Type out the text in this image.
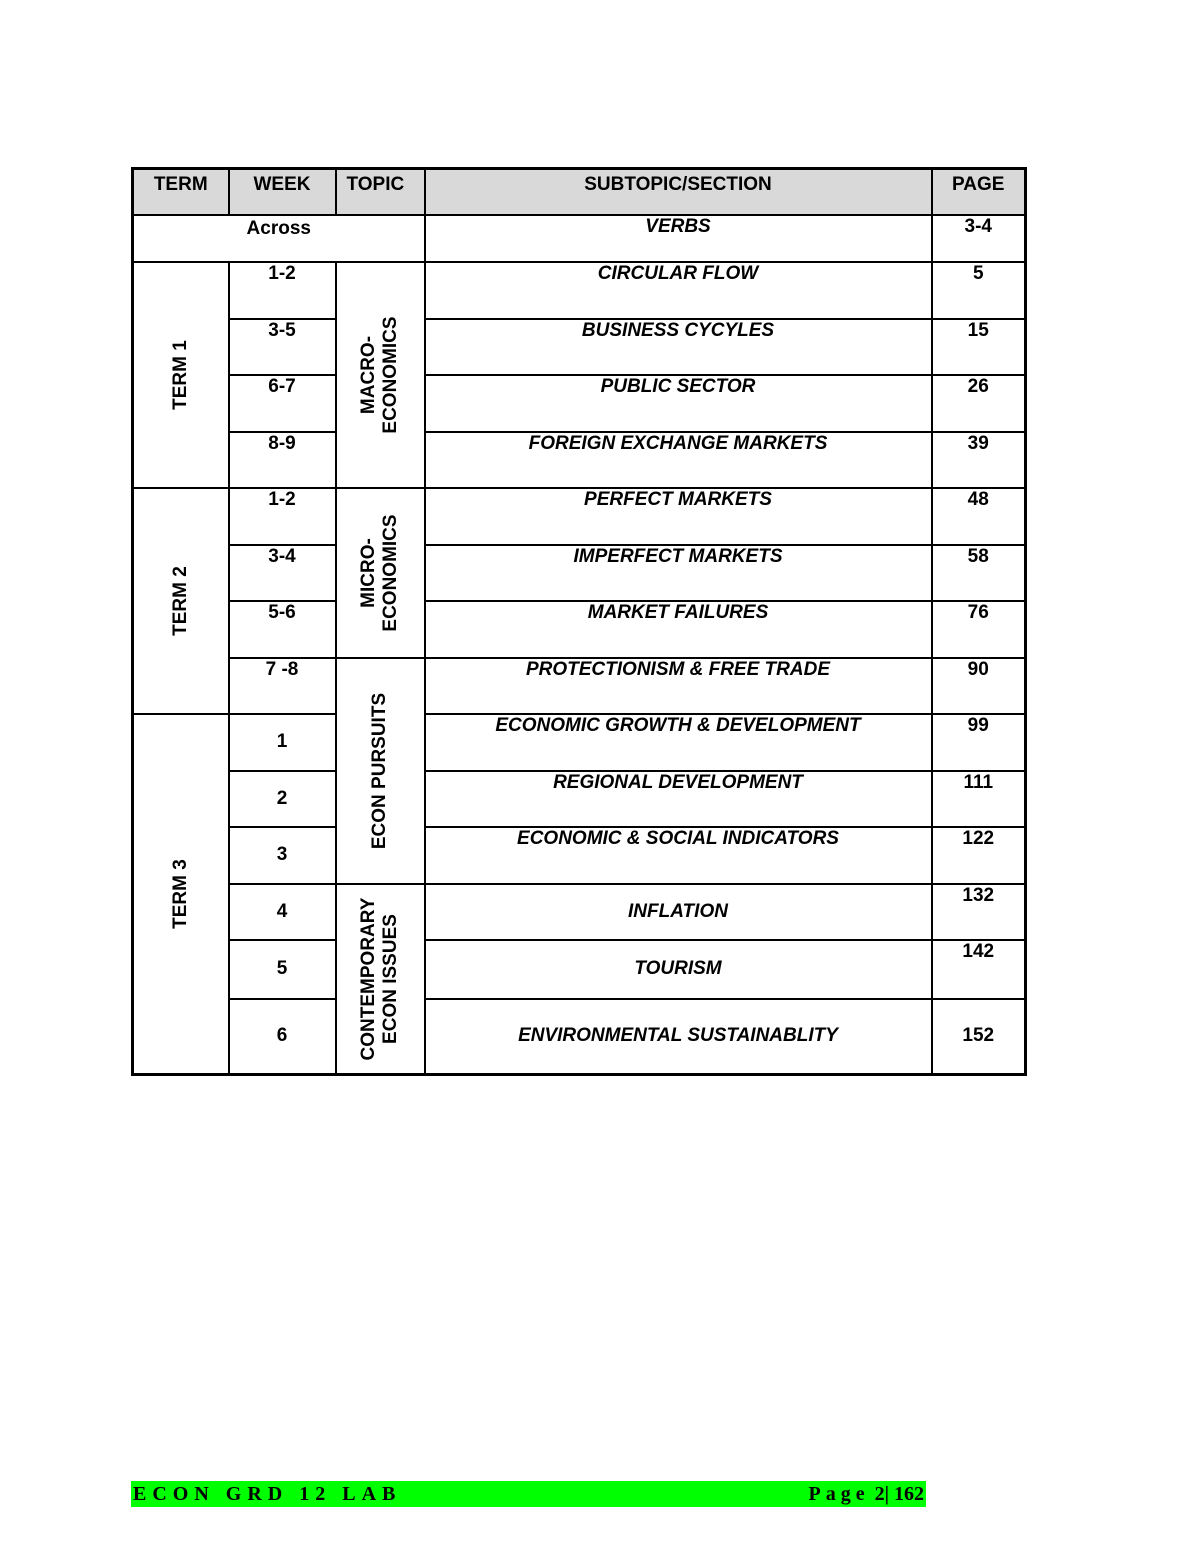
TERM	WEEK	TOPIC	SUBTOPIC/SECTION	PAGE
Across			VERBS	3-4

TERM 1	1-2	MACRO- ECONOMICS	CIRCULAR FLOW	5
	3-5		BUSINESS CYCYLES	15
	6-7		PUBLIC SECTOR	26
	8-9		FOREIGN EXCHANGE MARKETS	39

TERM 2	1-2	MICRO- ECONOMICS	PERFECT MARKETS	48
	3-4		IMPERFECT MARKETS	58
	5-6		MARKET FAILURES	76
	7 -8	ECON PURSUITS	PROTECTIONISM & FREE TRADE	90

TERM 3	1		ECONOMIC GROWTH & DEVELOPMENT	99
	2		REGIONAL DEVELOPMENT	111
	3		ECONOMIC & SOCIAL INDICATORS	122
	4	CONTEMPORARY ECON ISSUES	INFLATION	132
	5		TOURISM	142
	6		ENVIRONMENTAL SUSTAINABLITY	152
ECON GRD 12 LAB	Page 2| 162
